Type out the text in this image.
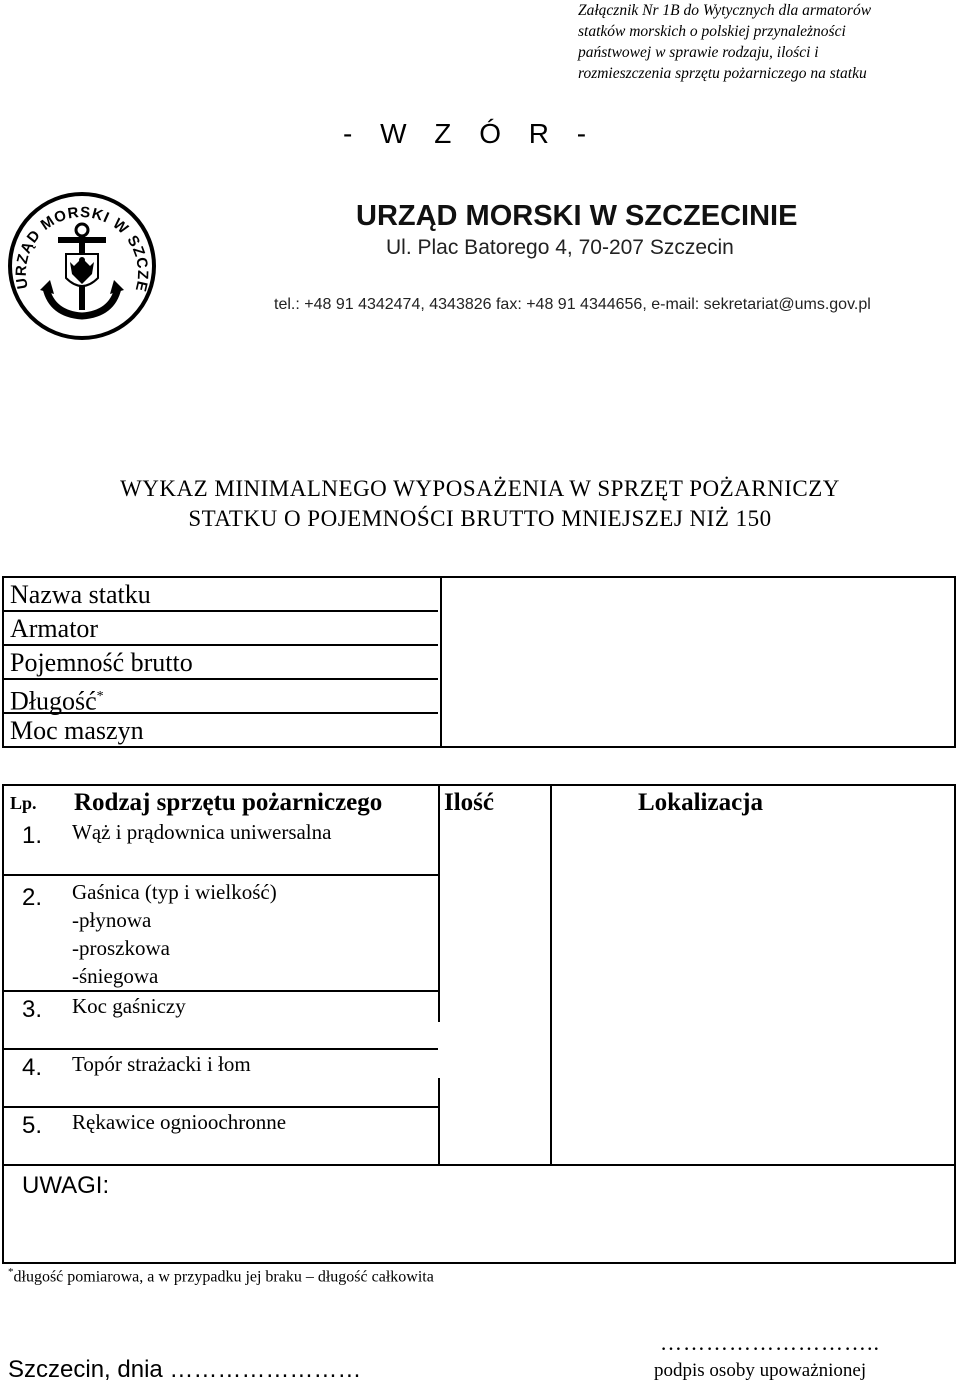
Załącznik Nr 1B do Wytycznych dla armatorów
statków morskich o polskiej przynależności
państwowej w sprawie rodzaju, ilości i
rozmieszczenia sprzętu pożarniczego na statku
- W Z Ó R -
URZĄD MORSKI W SZCZE
URZĄD MORSKI W SZCZECINIE
Ul. Plac Batorego 4, 70-207 Szczecin
tel.: +48 91 4342474, 4343826 fax: +48 91 4344656, e-mail: sekretariat@ums.gov.pl
WYKAZ MINIMALNEGO WYPOSAŻENIA W SPRZĘT POŻARNICZY
STATKU O POJEMNOŚCI BRUTTO MNIEJSZEJ NIŻ 150
Nazwa statku
Armator
Pojemność brutto
Długość*
Moc maszyn
Lp. Rodzaj sprzętu pożarniczego Ilość	Lokalizacja
1. Wąż i prądownica uniwersalna
2. Gaśnica (typ i wielkość)
-płynowa
-proszkowa
-śniegowa
3. Koc gaśniczy
4. Topór strażacki i łom
5. Rękawice ognioochronne
UWAGI:
*długość pomiarowa, a w przypadku jej braku – długość całkowita
Szczecin, dnia ……………………
………………………..
podpis osoby upoważnionej
